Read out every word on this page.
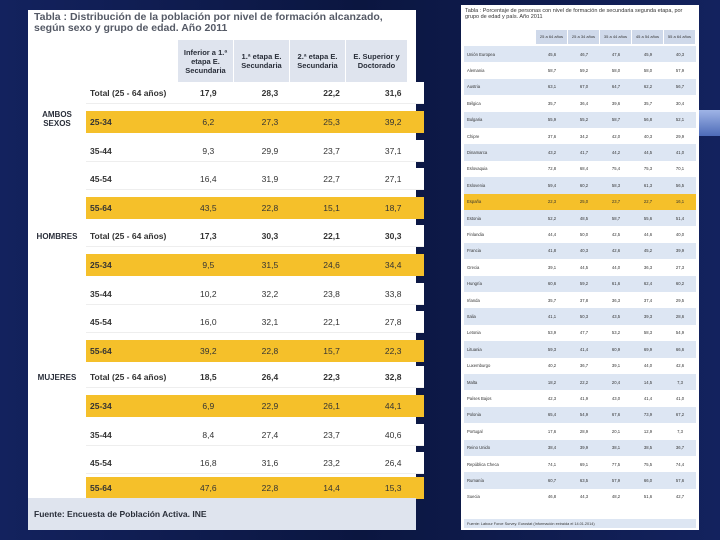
Tabla : Distribución de la población por nivel de formación alcanzado, según sexo y grupo de edad. Año 2011
Inferior a 1.ª etapa E. Secundaria
1.ª etapa E. Secundaria
2.ª etapa E. Secundaria
E. Superior y Doctorado
AMBOS SEXOS
Total (25 - 64 años)	17,9	28,3	22,2	31,6
25-34	6,2	27,3	25,3	39,2
35-44	9,3	29,9	23,7	37,1
45-54	16,4	31,9	22,7	27,1
55-64	43,5	22,8	15,1	18,7
HOMBRES	Total (25 - 64 años)	17,3	30,3	22,1	30,3
25-34	9,5	31,5	24,6	34,4
35-44	10,2	32,2	23,8	33,8
45-54	16,0	32,1	22,1	27,8
55-64	39,2	22,8	15,7	22,3
MUJERES	Total (25 - 64 años)	18,5	26,4	22,3	32,8
25-34	6,9	22,9	26,1	44,1
35-44	8,4	27,4	23,7	40,6
45-54	16,8	31,6	23,2	26,4
55-64	47,6	22,8	14,4	15,3
Fuente: Encuesta de Población Activa. INE
Tabla : Porcentaje de personas con nivel de formación de secundaria segunda etapa, por grupo de edad y país. Año 2011
25 a 64 años	25 a 34 años	35 a 44 años	45 a 54 años	55 a 64 años
Unión Europea	45,6	46,7	47,6	45,9	40,3
Alemania	58,7	59,2	58,0	58,0	57,9
Austria	63,1	67,0	64,7	62,2	56,7
Bélgica	35,7	36,4	39,6	35,7	30,4
Bulgaria	55,9	55,2	58,7	56,8	52,1
Chipre	37,6	34,2	42,0	40,3	29,9
Dinamarca	43,2	41,7	44,2	44,5	41,0
Eslovaquia	72,8	68,4	75,4	75,3	70,1
Eslovenia	59,4	60,2	58,3	61,3	56,5
España	22,3	25,0	23,7	22,7	16,1
Estonia	52,2	48,5	58,7	55,6	51,4
Finlandia	44,4	50,0	42,5	44,6	40,0
Francia	41,8	40,3	42,6	45,2	39,9
Grecia	39,1	44,5	44,0	36,3	27,3
Hungría	60,6	59,2	61,6	62,4	60,2
Irlanda	35,7	37,8	36,3	37,4	29,5
Italia	41,1	50,3	43,5	39,3	28,6
Letonia	53,9	47,7	53,2	58,3	54,9
Lituania	59,3	41,4	60,9	69,9	66,6
Luxemburgo	40,2	36,7	39,1	44,0	42,6
Malta	18,2	22,2	20,4	14,5	7,3
Países Bajos	42,3	41,9	43,0	41,4	41,0
Polonia	65,4	54,9	67,6	73,9	67,2
Portugal	17,6	28,9	20,1	12,9	7,3
Reino Unido	38,4	39,9	38,1	38,5	36,7
República Checa	74,1	69,1	77,5	75,5	74,4
Rumanía	60,7	63,5	57,9	66,0	57,6
Suecia	46,8	44,3	48,2	51,6	42,7
Fuente: Labour Force Survey. Eurostat (Información extraída el 14.01.2014)
